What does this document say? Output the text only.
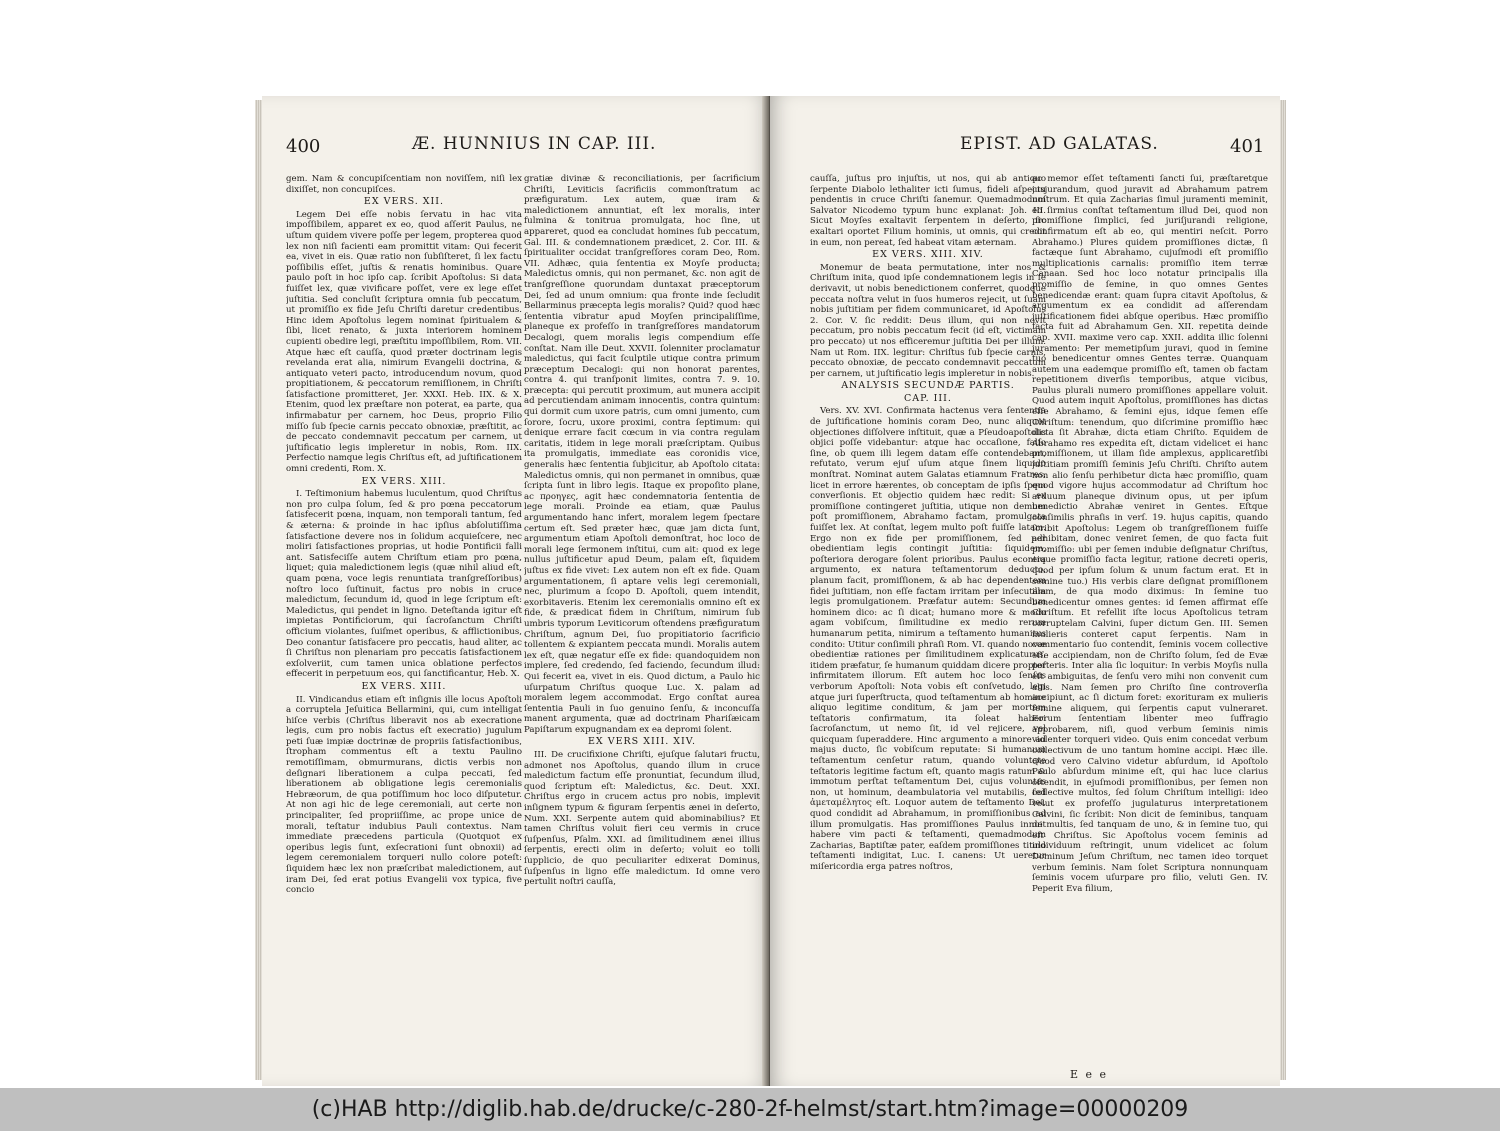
400	Æ. HUNNIUS IN CAP. III.

gem. Nam & concupiſcentiam non noviſſem, niſi lex dixiſſet, non concupiſces.

EX VERS. XII.

Legem Dei eſſe nobis ſervatu in hac vita impoſſibilem, apparet ex eo, quod aſſerit Paulus, ne uſtum quidem vivere poſſe per legem, propterea quod lex non niſi facienti eam promittit vitam: Qui fecerit ea, vivet in eis. Quæ ratio non ſubſiſteret, ſi lex factu poſſibilis eſſet, juſtis & renatis hominibus. Quare paulo poſt in hoc ipſo cap. ſcribit Apoſtolus: Si data fuiſſet lex, quæ vivificare poſſet, vere ex lege eſſet juſtitia. Sed concluſit ſcriptura omnia ſub peccatum, ut promiſſio ex fide Jeſu Chriſti daretur credentibus. Hinc idem Apoſtolus legem nominat ſpiritualem & ſibi, licet renato, & juxta interiorem hominem cupienti obedire legi, præſtitu impoſſibilem, Rom. VII. Atque hæc eſt cauſſa, quod præter doctrinam legis revelanda erat alia, nimirum Evangelii doctrina, & antiquato veteri pacto, introducendum novum, quod propitiationem, & peccatorum remiſſionem, in Chriſti ſatisfactione promitteret, Jer. XXXI. Heb. IIX. & X. Etenim, quod lex præſtare non poterat, ea parte, qua infirmabatur per carnem, hoc Deus, proprio Filio miſſo ſub ſpecie carnis peccato obnoxiæ, præſtitit, ac de peccato condemnavit peccatum per carnem, ut juſtificatio legis impleretur in nobis, Rom. IIX. Perfectio namque legis Chriſtus eſt, ad juſtificationem omni credenti, Rom. X.

EX VERS. XIII.

I. Teſtimonium habemus luculentum, quod Chriſtus non pro culpa ſolum, ſed & pro pœna peccatorum ſatisfecerit pœna, inquam, non temporali tantum, ſed & æterna: & proinde in hac ipſius abſolutiſſima ſatisfactione devere nos in ſolidum acquieſcere, nec moliri ſatisfactiones proprias, ut hodie Pontificii falli ant. Satisfeciſſe autem Chriſtum etiam pro pœna, liquet; quia maledictionem legis (quæ nihil aliud eſt, quam pœna, voce legis renuntiata tranſgreſſoribus) noſtro loco ſuſtinuit, factus pro nobis in cruce maledictum, ſecundum id, quod in lege ſcriptum eſt: Maledictus, qui pendet in ligno. Deteſtanda igitur eſt impietas Pontificiorum, qui ſacroſanctum Chriſti officium violantes, ſuiſmet operibus, & afflictionibus, Deo conantur ſatisfacere pro peccatis, haud aliter, ac ſi Chriſtus non plenariam pro peccatis ſatisfactionem exſolveriit, cum tamen unica oblatione perfectos effecerit in perpetuum eos, qui ſanctificantur, Heb. X.

EX VERS. XIII.

II. Vindicandus etiam eſt inſignis ille locus Apoſtoli a corruptela Jeſuitica Bellarmini, qui, cum intelligat hiſce verbis (Chriſtus liberavit nos ab execratione legis, cum pro nobis factus eſt execratio) jugulum peti ſuæ impiæ doctrinæ de propriis ſatisfactionibus, ſtropham commentus eſt a textu Paulino remotiſſimam, obmurmurans, dictis verbis non deſignari liberationem a culpa peccati, ſed liberationem ab obligatione legis ceremonialis Hebræorum, de qua potiſſimum hoc loco diſputetur. At non agi hic de lege ceremoniali, aut certe non principaliter, ſed propriiſſime, ac prope unice de morali, teſtatur indubius Pauli contextus. Nam immediate præcedens particula (Quotquot ex operibus legis ſunt, exſecrationi ſunt obnoxii) ad legem ceremonialem torqueri nullo colore poteſt: ſiquidem hæc lex non præſcribat maledictionem, aut iram Dei, ſed erat potius Evangelii vox typica, five concio

gratiæ divinæ & reconciliationis, per ſacrificium Chriſti, Leviticis ſacrificiis commonſtratum ac præfiguratum. Lex autem, quæ iram & maledictionem annuntiat, eſt lex moralis, inter fulmina & tonitrua promulgata, hoc ſine, ut appareret, quod ea concludat homines ſub peccatum, Gal. III. & condemnationem prædicet, 2. Cor. III. & ſpiritualiter occidat tranſgreſſores coram Deo, Rom. VII. Adhæc, quia ſententia ex Moyſe producta; Maledictus omnis, qui non permanet, &c. non agit de tranſgreſſione quorundam duntaxat præceptorum Dei, ſed ad unum omnium: qua fronte inde ſecludit Bellarminus præcepta legis moralis? Quid? quod hæc ſententia vibratur apud Moyſen principaliſſime, planeque ex profeſſo in tranſgreſſores mandatorum Decalogi, quem moralis legis compendium eſſe conſtat. Nam ille Deut. XXVII. ſolenniter proclamatur maledictus, qui facit ſculptile utique contra primum præceptum Decalogi: qui non honorat parentes, contra 4. qui tranſponit limites, contra 7. 9. 10. præcepta: qui percutit proximum, aut munera accipit ad percutiendam animam innocentis, contra quintum: qui dormit cum uxore patris, cum omni jumento, cum ſorore, ſocru, uxore proximi, contra ſeptimum: qui denique errare facit cœcum in via contra regulam caritatis, itidem in lege morali præſcriptam. Quibus ita promulgatis, immediate eas coronidis vice, generalis hæc ſententia ſubjicitur, ab Apoſtolo citata: Maledictus omnis, qui non permanet in omnibus, quæ ſcripta ſunt in libro legis. Itaque ex propoſito plane, ac προηγες, agit hæc condemnatoria ſententia de lege morali. Proinde ea etiam, quæ Paulus argumentando hanc infert, moralem legem ſpectare certum eſt. Sed præter hæc, quæ jam dicta ſunt, argumentum etiam Apoſtoli demonſtrat, hoc loco de morali lege ſermonem inſtitui, cum ait: quod ex lege nullus juſtificetur apud Deum, palam eſt, ſiquidem juſtus ex fide vivet: Lex autem non eſt ex fide. Quam argumentationem, ſi aptare velis legi ceremoniali, nec, plurimum a ſcopo D. Apoſtoli, quem intendit, exorbitaveris. Etenim lex ceremonialis omnino eſt ex fide, & prædicat fidem in Chriſtum, nimirum ſub umbris typorum Leviticorum oſtendens præfiguratum Chriſtum, agnum Dei, ſuo propitiatorio ſacrificio tollentem & expiantem peccata mundi. Moralis autem lex eſt, quæ negatur eſſe ex fide: quandoquidem non implere, ſed credendo, ſed faciendo, ſecundum illud: Qui fecerit ea, vivet in eis. Quod dictum, a Paulo hic uſurpatum Chriſtus quoque Luc. X. palam ad moralem legem accommodat. Ergo conſtat aurea ſententia Pauli in ſuo genuino ſenſu, & inconcuſſa manent argumenta, quæ ad doctrinam Phariſæicam Papiſtarum expugnandam ex ea depromi ſolent.

EX VERS XIII. XIV.

III. De crucifixione Chriſti, ejuſque ſalutari fructu, admonet nos Apoſtolus, quando illum in cruce maledictum factum eſſe pronuntiat, ſecundum illud, quod ſcriptum eſt: Maledictus, &c. Deut. XXI. Chriſtus ergo in crucem actus pro nobis, implevit inſignem typum & figuram ſerpentis ænei in deſerto, Num. XXI. Serpente autem quid abominabilius? Et tamen Chriſtus voluit fieri ceu vermis in cruce ſuſpenſus, Pſalm. XXI. ad ſimilitudinem ænei illius ſerpentis, erecti olim in deſerto; voluit eo tolli ſupplicio, de quo peculiariter edixerat Dominus, ſuſpenſus in ligno eſſe maledictum. Id omne vero pertulit noſtri cauſſa,

EPIST. AD GALATAS.	401

cauſſa, juſtus pro injuſtis, ut nos, qui ab antiquo ſerpente Diabolo lethaliter icti ſumus, fideli aſpectu pendentis in cruce Chriſti ſanemur. Quemadmodum Salvator Nicodemo typum hunc explanat: Joh. III. Sicut Moyſes exaltavit ſerpentem in deſerto, ſic exaltari oportet Filium hominis, ut omnis, qui credit in eum, non pereat, ſed habeat vitam æternam.

EX VERS. XIII. XIV.

Monemur de beata permutatione, inter nos & Chriſtum inita, quod ipſe condemnationem legis in ſe derivavit, ut nobis benedictionem conferret, quodque peccata noſtra velut in ſuos humeros rejecit, ut ſuam nobis juſtitiam per fidem communicaret, id Apoſtolus 2. Cor. V. ſic reddit: Deus illum, qui non novit peccatum, pro nobis peccatum fecit (id eſt, victimam pro peccato) ut nos efficeremur juſtitia Dei per illum. Nam ut Rom. IIX. legitur: Chriſtus ſub ſpecie carnis, peccato obnoxiæ, de peccato condemnavit peccatum per carnem, ut juſtificatio legis impleretur in nobis.

ANALYSIS SECUNDÆ PARTIS.

CAP. III.

Vers. XV. XVI. Confirmata hactenus vera ſententia de juſtificatione hominis coram Deo, nunc aliquot objectiones diſſolvere inſtituit, quæ a Pſeudoapoſtolis objici poſſe videbantur: atque hac occaſione, falſo ſine, ob quem illi legem datam eſſe contendebant, refutato, verum ejuſ uſum atque ſinem liquido monſtrat. Nominat autem Galatas etiamnum Fratres, licet in errore hærentes, ob conceptam de ipſis ſpem converſionis. Et objectio quidem hæc redit: Si ex promiſſione contingeret juſtitia, utique non demum poſt promiſſionem, Abrahamo factam, promulgata fuiſſet lex. At conſtat, legem multo poſt fuiſſe latam. Ergo non ex fide per promiſſionem, ſed per obedientiam legis contingit juſtitia: ſiquidem, poſteriora derogare ſolent prioribus. Paulus econtra argumento, ex natura teſtamentorum deducto, planum facit, promiſſionem, & ab hac dependentem fidei juſtitiam, non eſſe factam irritam per inſecutam legis promulgationem. Præfatur autem: Secundum hominem dico: ac ſi dicat; humano more & modo agam vobiſcum, ſimilitudine ex medio rerum humanarum petita, nimirum a teſtamento humanitus condito: Utitur conſimili phraſi Rom. VI. quando novæ obedientiæ rationes per ſimilitudinem explicaturus, itidem præfatur, ſe humanum quiddam dicere propter infirmitatem illorum. Eſt autem hoc loco ſenſus verborum Apoſtoli: Nota vobis eſt conſvetudo, legi atque juri ſuperſtructa, quod teſtamentum ab homine aliquo legitime conditum, & jam per mortem teſtatoris confirmatum, ita ſoleat haberi ſacroſanctum, ut nemo ſit, id vel rejicere, vel quicquam ſuperaddere. Hinc argumento a minore ad majus ducto, ſic vobiſcum reputate: Si humanum teſtamentum cenſetur ratum, quando voluntate teſtatoris legitime factum eſt, quanto magis ratum & immotum perſtat teſtamentum Dei, cujus voluntas non, ut hominum, deambulatoria vel mutabilis, ſed ἀμεταμέλητος eſt. Loquor autem de teſtamento Dei, quod condidit ad Abrahamum, in promiſſionibus ad illum promulgatis. Has promiſſiones Paulus innuit habere vim pacti & teſtamenti, quemadmodum Zacharias, Baptiſtæ pater, eaſdem promiſſiones titulo teſtamenti indigitat, Luc. I. canens: Ut ueretur miſericordia erga patres noſtros,

ac memor eſſet teſtamenti ſancti ſui, præſtaretque jusjurandum, quod juravit ad Abrahamum patrem noſtrum. Et quia Zacharias ſimul juramenti meminit, eo ſirmius conſtat teſtamentum illud Dei, quod non promiſſione ſimplici, ſed juriſjurandi religione, confirmatum eſt ab eo, qui mentiri neſcit. Porro Abrahamo.) Plures quidem promiſſiones dictæ, ſi factæque ſunt Abrahamo, cujuſmodi eſt promiſſio multiplicationis carnalis: promiſſio item terræ Canaan. Sed hoc loco notatur principalis illa promiſſio de ſemine, in quo omnes Gentes benedicendæ erant: quam ſupra citavit Apoſtolus, & argumentum ex ea condidit ad aſſerendam juſtificationem fidei abſque operibus. Hæc promiſſio facta fuit ad Abrahamum Gen. XII. repetita deinde cap. XVII. maxime vero cap. XXII. addita illic ſolenni juramento: Per memetipſum juravi, quod in ſemine tuo benedicentur omnes Gentes terræ. Quanquam autem una eademque promiſſio eſt, tamen ob factam repetitionem diverſis temporibus, atque vicibus, Paulus plurali numero promiſſiones appellare voluit. Quod autem inquit Apoſtolus, promiſſiones has dictas eſſe Abrahamo, & ſemini ejus, idque ſemen eſſe Chriſtum: tenendum, quo diſcrimine promiſſio hæc dicta ſit Abrahæ, dicta etiam Chriſto. Equidem de Abrahamo res expedita eſt, dictam videlicet ei hanc promiſſionem, ut illam ſide amplexus, applicaretſibi juſtitiam promiſſi ſeminis Jeſu Chriſti. Chriſto autem non alio ſenſu perhibetur dicta hæc promiſſio, quam quod vigore hujus accommodatur ad Chriſtum hoc arduum planeque divinum opus, ut per ipſum benedictio Abrahæ veniret in Gentes. Eſtque conſimilis phraſis in verſ. 19. hujus capitis, quando ſcribit Apoſtolus: Legem ob tranſgreſſionem fuiſſe adhibitam, donec veniret ſemen, de quo facta fuit promiſſio: ubi per ſemen indubie deſignatur Chriſtus, eique promiſſio facta legitur, ratione decreti operis, quod per ipſum ſolum & unum factum erat. Et in semine tuo.) His verbis clare deſignat promiſſionem illam, de qua modo diximus: In ſemine tuo benedicentur omnes gentes: id ſemen affirmat eſſe Chriſtum. Et refellit iſte locus Apoſtolicus tetram corruptelam Calvini, ſuper dictum Gen. III. Semen mulieris conteret caput ſerpentis. Nam in commentario ſuo contendit, ſeminis vocem collective eſſe accipiendam, non de Chriſto ſolum, ſed de Evæ poſteris. Inter alia ſic loquitur: In verbis Moyſis nulla eſt ambiguitas, de ſenſu vero mihi non convenit cum aliis. Nam ſemen pro Chriſto ſine controverſia accipiunt, ac ſi dictum foret: exorituram ex mulieris ſemine aliquem, qui ſerpentis caput vulneraret. Eorum ſententiam libenter meo ſuffragio approbarem, niſi, quod verbum ſeminis nimis violenter torqueri video. Quis enim concedat verbum collectivum de uno tantum homine accipi. Hæc ille. Quod vero Calvino videtur abſurdum, id Apoſtolo Paulo abſurdum minime eſt, qui hac luce clarius oſtendit, in ejuſmodi promiſſionibus, per ſemen non collective multos, ſed ſolum Chriſtum intelligi: ideo velut ex profeſſo jugulaturus interpretationem Calvini, ſic ſcribit: Non dicit de ſeminibus, tanquam de multis, ſed tanquam de uno, & in ſemine tuo, qui eſt Chriſtus. Sic Apoſtolus vocem ſeminis ad individuum reſtringit, unum videlicet ac ſolum Dominum Jeſum Chriſtum, nec tamen ideo torquet verbum ſeminis. Nam ſolet Scriptura nonnunquam ſeminis vocem uſurpare pro filio, veluti Gen. IV. Peperit Eva filium,

E e e
(c)HAB http://diglib.hab.de/drucke/c-280-2f-helmst/start.htm?image=00000209
